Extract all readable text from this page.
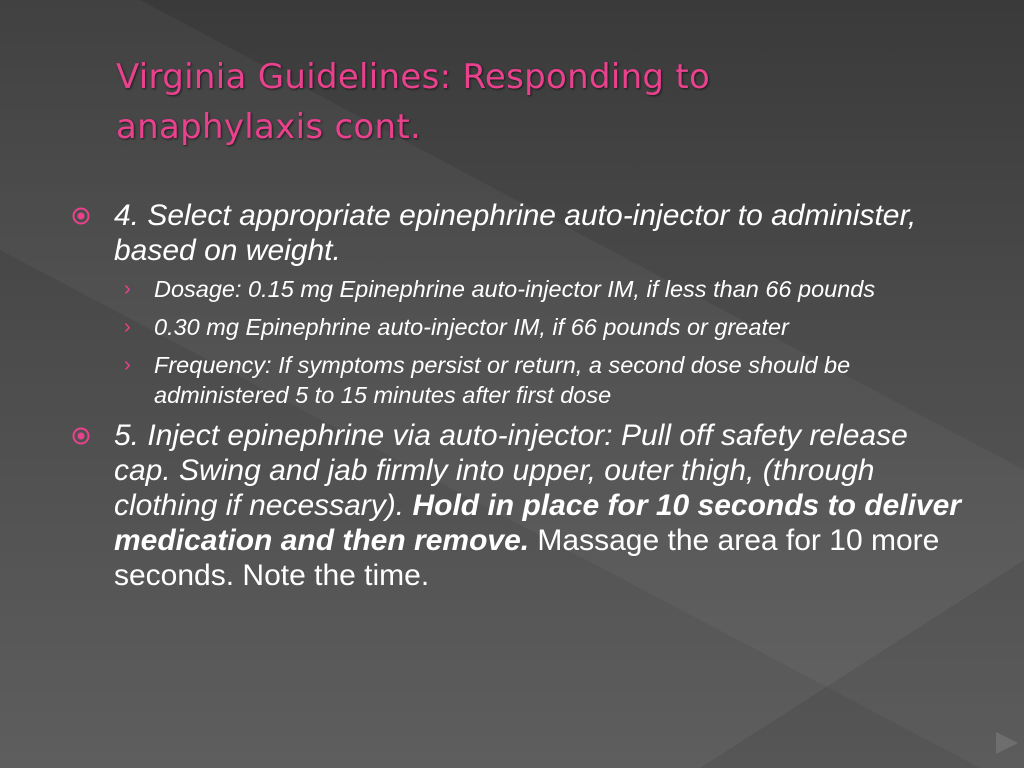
Virginia Guidelines: Responding to anaphylaxis cont.
4. Select appropriate epinephrine auto-injector to administer, based on weight.
› Dosage: 0.15 mg Epinephrine auto-injector IM, if less than 66 pounds
› 0.30 mg Epinephrine auto-injector IM, if 66 pounds or greater
› Frequency: If symptoms persist or return, a second dose should be administered 5 to 15 minutes after first dose
5. Inject epinephrine via auto-injector: Pull off safety release cap. Swing and jab firmly into upper, outer thigh, (through clothing if necessary). Hold in place for 10 seconds to deliver medication and then remove. Massage the area for 10 more seconds. Note the time.
